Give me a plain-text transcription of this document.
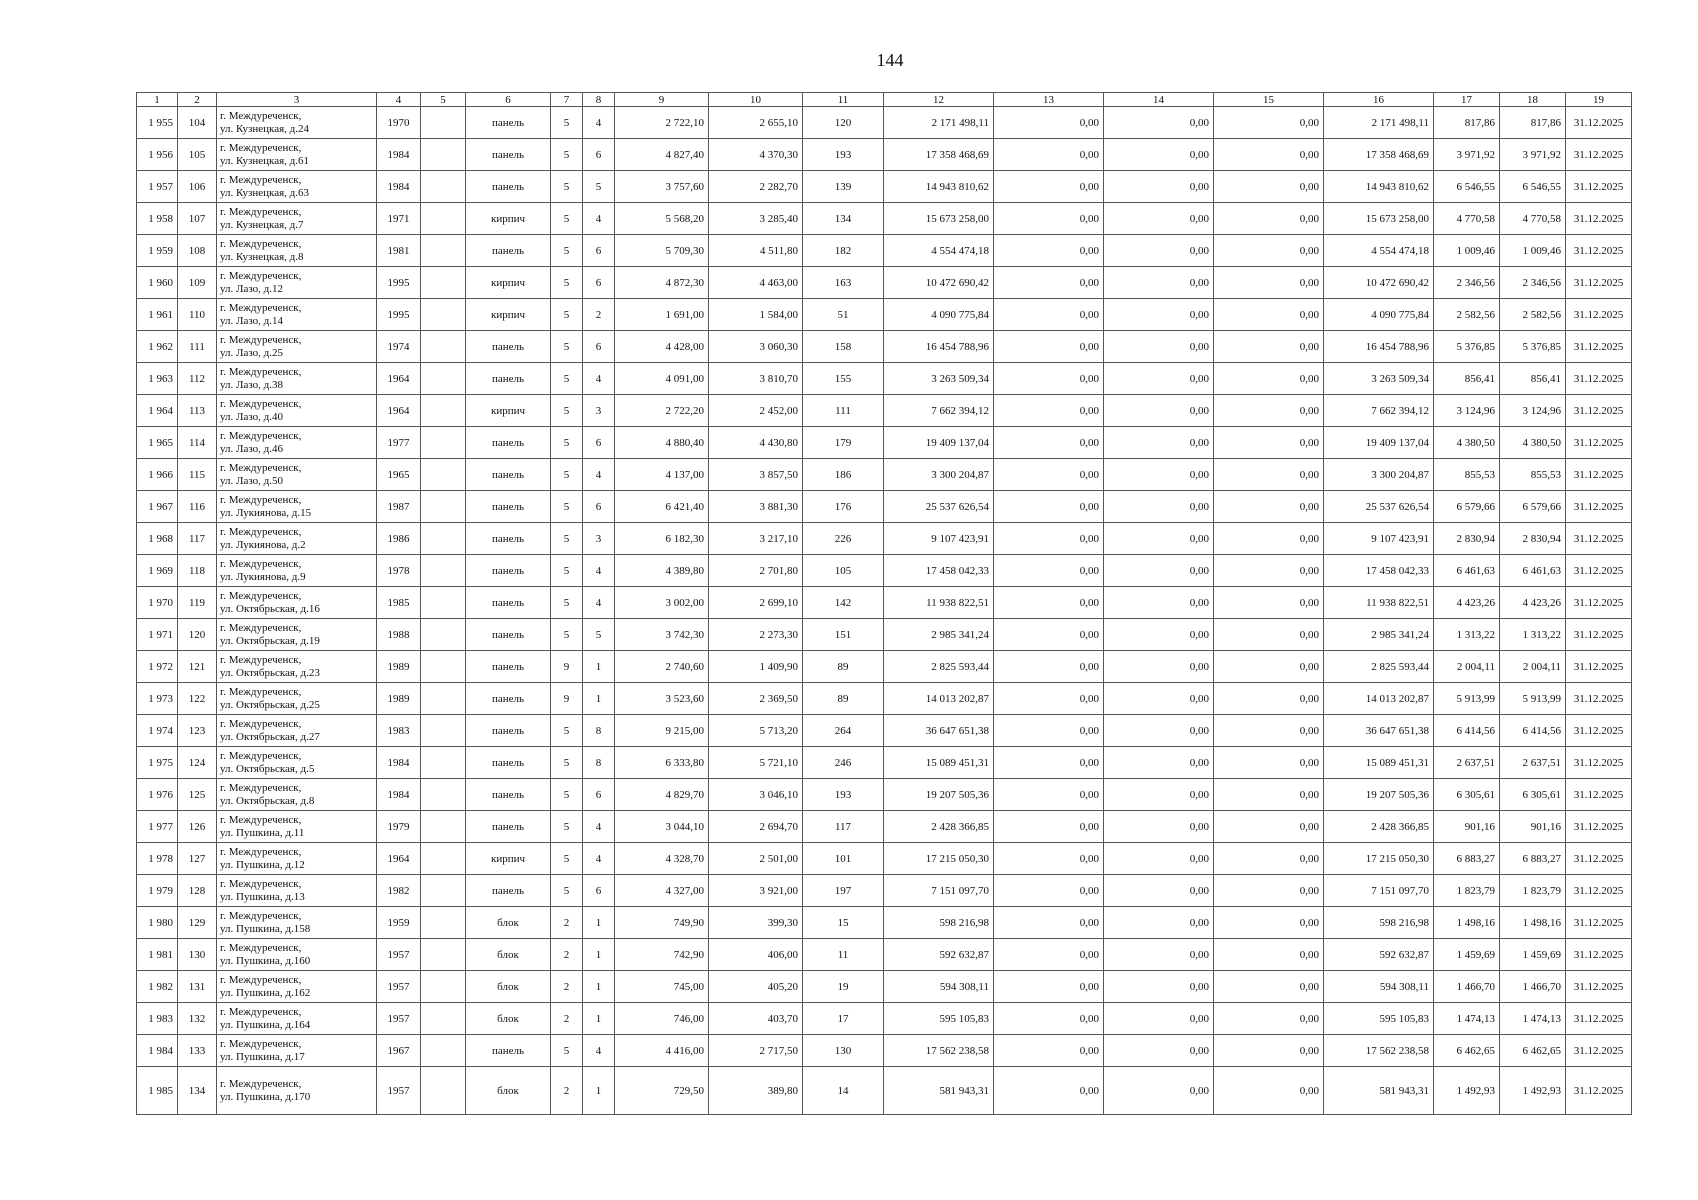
144
1	2	3	4	5	6	7	8	9	10	11	12	13	14	15	16	17	18	19
1 955	104	г. Междуреченск,
ул. Кузнецкая, д.24	1970		панель	5	4	2 722,10	2 655,10	120	2 171 498,11	0,00	0,00	0,00	2 171 498,11	817,86	817,86	31.12.2025
1 956	105	г. Междуреченск,
ул. Кузнецкая, д.61	1984		панель	5	6	4 827,40	4 370,30	193	17 358 468,69	0,00	0,00	0,00	17 358 468,69	3 971,92	3 971,92	31.12.2025
1 957	106	г. Междуреченск,
ул. Кузнецкая, д.63	1984		панель	5	5	3 757,60	2 282,70	139	14 943 810,62	0,00	0,00	0,00	14 943 810,62	6 546,55	6 546,55	31.12.2025
1 958	107	г. Междуреченск,
ул. Кузнецкая, д.7	1971		кирпич	5	4	5 568,20	3 285,40	134	15 673 258,00	0,00	0,00	0,00	15 673 258,00	4 770,58	4 770,58	31.12.2025
1 959	108	г. Междуреченск,
ул. Кузнецкая, д.8	1981		панель	5	6	5 709,30	4 511,80	182	4 554 474,18	0,00	0,00	0,00	4 554 474,18	1 009,46	1 009,46	31.12.2025
1 960	109	г. Междуреченск,
ул. Лазо, д.12	1995		кирпич	5	6	4 872,30	4 463,00	163	10 472 690,42	0,00	0,00	0,00	10 472 690,42	2 346,56	2 346,56	31.12.2025
1 961	110	г. Междуреченск,
ул. Лазо, д.14	1995		кирпич	5	2	1 691,00	1 584,00	51	4 090 775,84	0,00	0,00	0,00	4 090 775,84	2 582,56	2 582,56	31.12.2025
1 962	111	г. Междуреченск,
ул. Лазо, д.25	1974		панель	5	6	4 428,00	3 060,30	158	16 454 788,96	0,00	0,00	0,00	16 454 788,96	5 376,85	5 376,85	31.12.2025
1 963	112	г. Междуреченск,
ул. Лазо, д.38	1964		панель	5	4	4 091,00	3 810,70	155	3 263 509,34	0,00	0,00	0,00	3 263 509,34	856,41	856,41	31.12.2025
1 964	113	г. Междуреченск,
ул. Лазо, д.40	1964		кирпич	5	3	2 722,20	2 452,00	111	7 662 394,12	0,00	0,00	0,00	7 662 394,12	3 124,96	3 124,96	31.12.2025
1 965	114	г. Междуреченск,
ул. Лазо, д.46	1977		панель	5	6	4 880,40	4 430,80	179	19 409 137,04	0,00	0,00	0,00	19 409 137,04	4 380,50	4 380,50	31.12.2025
1 966	115	г. Междуреченск,
ул. Лазо, д.50	1965		панель	5	4	4 137,00	3 857,50	186	3 300 204,87	0,00	0,00	0,00	3 300 204,87	855,53	855,53	31.12.2025
1 967	116	г. Междуреченск,
ул. Лукиянова, д.15	1987		панель	5	6	6 421,40	3 881,30	176	25 537 626,54	0,00	0,00	0,00	25 537 626,54	6 579,66	6 579,66	31.12.2025
1 968	117	г. Междуреченск,
ул. Лукиянова, д.2	1986		панель	5	3	6 182,30	3 217,10	226	9 107 423,91	0,00	0,00	0,00	9 107 423,91	2 830,94	2 830,94	31.12.2025
1 969	118	г. Междуреченск,
ул. Лукиянова, д.9	1978		панель	5	4	4 389,80	2 701,80	105	17 458 042,33	0,00	0,00	0,00	17 458 042,33	6 461,63	6 461,63	31.12.2025
1 970	119	г. Междуреченск,
ул. Октябрьская, д.16	1985		панель	5	4	3 002,00	2 699,10	142	11 938 822,51	0,00	0,00	0,00	11 938 822,51	4 423,26	4 423,26	31.12.2025
1 971	120	г. Междуреченск,
ул. Октябрьская, д.19	1988		панель	5	5	3 742,30	2 273,30	151	2 985 341,24	0,00	0,00	0,00	2 985 341,24	1 313,22	1 313,22	31.12.2025
1 972	121	г. Междуреченск,
ул. Октябрьская, д.23	1989		панель	9	1	2 740,60	1 409,90	89	2 825 593,44	0,00	0,00	0,00	2 825 593,44	2 004,11	2 004,11	31.12.2025
1 973	122	г. Междуреченск,
ул. Октябрьская, д.25	1989		панель	9	1	3 523,60	2 369,50	89	14 013 202,87	0,00	0,00	0,00	14 013 202,87	5 913,99	5 913,99	31.12.2025
1 974	123	г. Междуреченск,
ул. Октябрьская, д.27	1983		панель	5	8	9 215,00	5 713,20	264	36 647 651,38	0,00	0,00	0,00	36 647 651,38	6 414,56	6 414,56	31.12.2025
1 975	124	г. Междуреченск,
ул. Октябрьская, д.5	1984		панель	5	8	6 333,80	5 721,10	246	15 089 451,31	0,00	0,00	0,00	15 089 451,31	2 637,51	2 637,51	31.12.2025
1 976	125	г. Междуреченск,
ул. Октябрьская, д.8	1984		панель	5	6	4 829,70	3 046,10	193	19 207 505,36	0,00	0,00	0,00	19 207 505,36	6 305,61	6 305,61	31.12.2025
1 977	126	г. Междуреченск,
ул. Пушкина, д.11	1979		панель	5	4	3 044,10	2 694,70	117	2 428 366,85	0,00	0,00	0,00	2 428 366,85	901,16	901,16	31.12.2025
1 978	127	г. Междуреченск,
ул. Пушкина, д.12	1964		кирпич	5	4	4 328,70	2 501,00	101	17 215 050,30	0,00	0,00	0,00	17 215 050,30	6 883,27	6 883,27	31.12.2025
1 979	128	г. Междуреченск,
ул. Пушкина, д.13	1982		панель	5	6	4 327,00	3 921,00	197	7 151 097,70	0,00	0,00	0,00	7 151 097,70	1 823,79	1 823,79	31.12.2025
1 980	129	г. Междуреченск,
ул. Пушкина, д.158	1959		блок	2	1	749,90	399,30	15	598 216,98	0,00	0,00	0,00	598 216,98	1 498,16	1 498,16	31.12.2025
1 981	130	г. Междуреченск,
ул. Пушкина, д.160	1957		блок	2	1	742,90	406,00	11	592 632,87	0,00	0,00	0,00	592 632,87	1 459,69	1 459,69	31.12.2025
1 982	131	г. Междуреченск,
ул. Пушкина, д.162	1957		блок	2	1	745,00	405,20	19	594 308,11	0,00	0,00	0,00	594 308,11	1 466,70	1 466,70	31.12.2025
1 983	132	г. Междуреченск,
ул. Пушкина, д.164	1957		блок	2	1	746,00	403,70	17	595 105,83	0,00	0,00	0,00	595 105,83	1 474,13	1 474,13	31.12.2025
1 984	133	г. Междуреченск,
ул. Пушкина, д.17	1967		панель	5	4	4 416,00	2 717,50	130	17 562 238,58	0,00	0,00	0,00	17 562 238,58	6 462,65	6 462,65	31.12.2025
1 985	134	г. Междуреченск,
ул. Пушкина, д.170	1957		блок	2	1	729,50	389,80	14	581 943,31	0,00	0,00	0,00	581 943,31	1 492,93	1 492,93	31.12.2025
